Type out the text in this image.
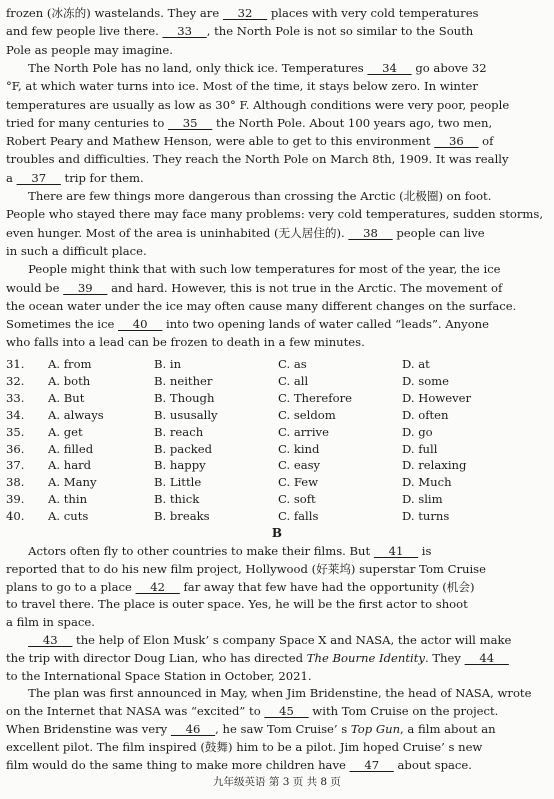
frozen (冰冻的) wastelands. They are     32     places with very cold temperatures
and few people live there.     33    , the North Pole is not so similar to the South
Pole as people may imagine.
The North Pole has no land, only thick ice. Temperatures     34     go above 32
°F, at which water turns into ice. Most of the time, it stays below zero. In winter
temperatures are usually as low as 30° F. Although conditions were very poor, people
tried for many centuries to     35     the North Pole. About 100 years ago, two men,
Robert Peary and Mathew Henson, were able to get to this environment     36     of
troubles and difficulties. They reach the North Pole on March 8th, 1909. It was really
a     37     trip for them.
There are few things more dangerous than crossing the Arctic (北极圈) on foot.
People who stayed there may face many problems: very cold temperatures, sudden storms,
even hunger. Most of the area is uninhabited (无人居住的).     38     people can live
in such a difficult place.
People might think that with such low temperatures for most of the year, the ice
would be     39     and hard. However, this is not true in the Arctic. The movement of
the ocean water under the ice may often cause many different changes on the surface.
Sometimes the ice     40     into two opening lands of water called “leads”. Anyone
who falls into a lead can be frozen to death in a few minutes.
31. A. from	B. in	C. as	D. at
32. A. both	B. neither	C. all	D. some
33. A. But	B. Though	C. Therefore	D. However
34. A. always	B. ususally	C. seldom	D. often
35. A. get	B. reach	C. arrive	D. go
36. A. filled	B. packed	C. kind	D. full
37. A. hard	B. happy	C. easy	D. relaxing
38. A. Many	B. Little	C. Few	D. Much
39. A. thin	B. thick	C. soft	D. slim
40. A. cuts	B. breaks	C. falls	D. turns
B
Actors often fly to other countries to make their films. But     41     is
reported that to do his new film project, Hollywood (好莱坞) superstar Tom Cruise
plans to go to a place     42     far away that few have had the opportunity (机会)
to travel there. The place is outer space. Yes, he will be the first actor to shoot
a film in space.
43     the help of Elon Musk’ s company Space X and NASA, the actor will make
the trip with director Doug Lian, who has directed The Bourne Identity. They     44
to the International Space Station in October, 2021.
The plan was first announced in May, when Jim Bridenstine, the head of NASA, wrote
on the Internet that NASA was “excited” to     45     with Tom Cruise on the project.
When Bridenstine was very     46    , he saw Tom Cruise’ s Top Gun, a film about an
excellent pilot. The film inspired (鼓舞) him to be a pilot. Jim hoped Cruise’ s new
film would do the same thing to make more children have     47     about space.
九年级英语 第 3 页 共 8 页
